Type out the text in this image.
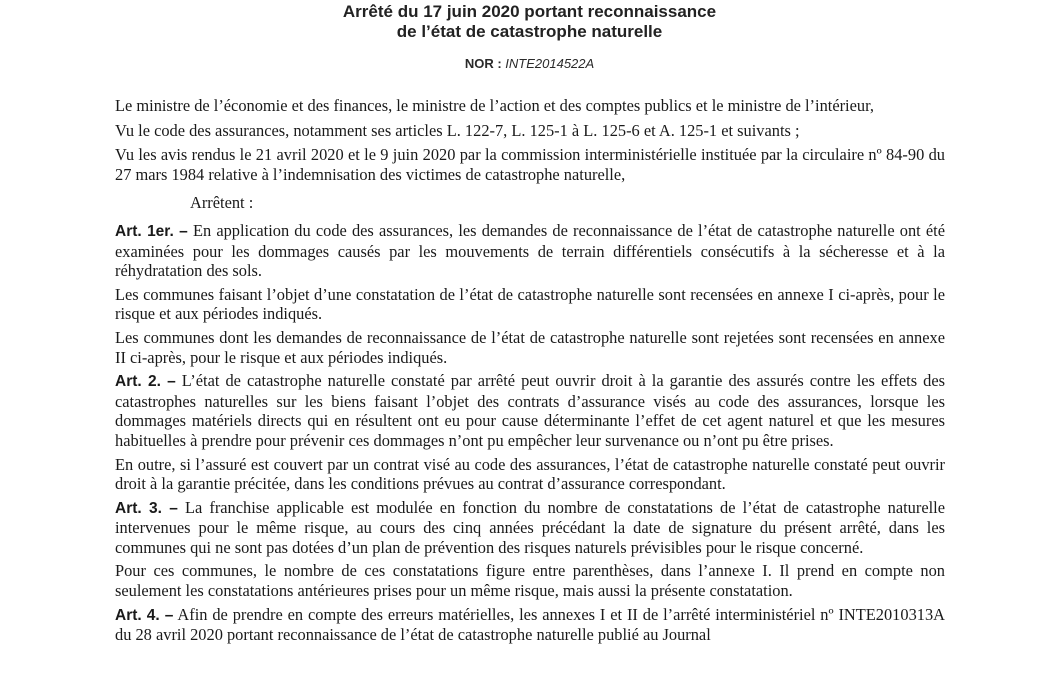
Arrêté du 17 juin 2020 portant reconnaissance
de l’état de catastrophe naturelle
NOR : INTE2014522A

Le ministre de l’économie et des finances, le ministre de l’action et des comptes publics et le ministre de l’intérieur,

Vu le code des assurances, notamment ses articles L. 122-7, L. 125-1 à L. 125-6 et A. 125-1 et suivants ;

Vu les avis rendus le 21 avril 2020 et le 9 juin 2020 par la commission interministérielle instituée par la circulaire nº 84-90 du 27 mars 1984 relative à l’indemnisation des victimes de catastrophe naturelle,

Arrêtent :

Art. 1er. – En application du code des assurances, les demandes de reconnaissance de l’état de catastrophe naturelle ont été examinées pour les dommages causés par les mouvements de terrain différentiels consécutifs à la sécheresse et à la réhydratation des sols.

Les communes faisant l’objet d’une constatation de l’état de catastrophe naturelle sont recensées en annexe I ci-après, pour le risque et aux périodes indiqués.

Les communes dont les demandes de reconnaissance de l’état de catastrophe naturelle sont rejetées sont recensées en annexe II ci-après, pour le risque et aux périodes indiqués.

Art. 2. – L’état de catastrophe naturelle constaté par arrêté peut ouvrir droit à la garantie des assurés contre les effets des catastrophes naturelles sur les biens faisant l’objet des contrats d’assurance visés au code des assurances, lorsque les dommages matériels directs qui en résultent ont eu pour cause déterminante l’effet de cet agent naturel et que les mesures habituelles à prendre pour prévenir ces dommages n’ont pu empêcher leur survenance ou n’ont pu être prises.

En outre, si l’assuré est couvert par un contrat visé au code des assurances, l’état de catastrophe naturelle constaté peut ouvrir droit à la garantie précitée, dans les conditions prévues au contrat d’assurance correspondant.

Art. 3. – La franchise applicable est modulée en fonction du nombre de constatations de l’état de catastrophe naturelle intervenues pour le même risque, au cours des cinq années précédant la date de signature du présent arrêté, dans les communes qui ne sont pas dotées d’un plan de prévention des risques naturels prévisibles pour le risque concerné.

Pour ces communes, le nombre de ces constatations figure entre parenthèses, dans l’annexe I. Il prend en compte non seulement les constatations antérieures prises pour un même risque, mais aussi la présente constatation.

Art. 4. – Afin de prendre en compte des erreurs matérielles, les annexes I et II de l’arrêté interministériel nº INTE2010313A du 28 avril 2020 portant reconnaissance de l’état de catastrophe naturelle publié au Journal
